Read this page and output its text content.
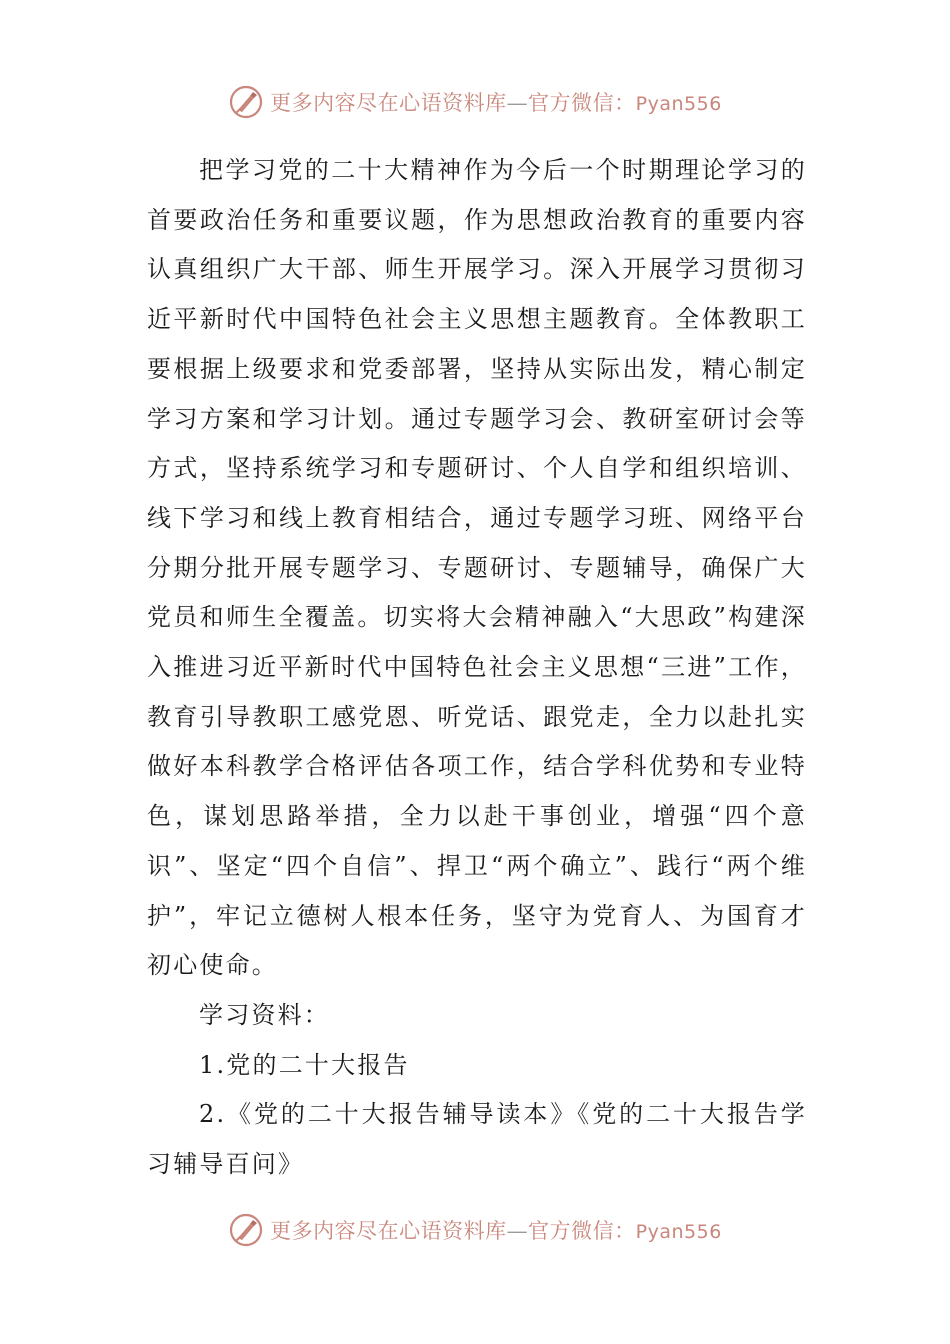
更多内容尽在心语资料库—官方微信：Pyan556

把学习党的二十大精神作为今后一个时期理论学习的首要政治任务和重要议题，作为思想政治教育的重要内容认真组织广大干部、师生开展学习。深入开展学习贯彻习近平新时代中国特色社会主义思想主题教育。全体教职工要根据上级要求和党委部署，坚持从实际出发，精心制定学习方案和学习计划。通过专题学习会、教研室研讨会等方式，坚持系统学习和专题研讨、个人自学和组织培训、线下学习和线上教育相结合，通过专题学习班、网络平台分期分批开展专题学习、专题研讨、专题辅导，确保广大党员和师生全覆盖。切实将大会精神融入“大思政”构建深入推进习近平新时代中国特色社会主义思想“三进”工作，教育引导教职工感党恩、听党话、跟党走，全力以赴扎实做好本科教学合格评估各项工作，结合学科优势和专业特色，谋划思路举措，全力以赴干事创业，增强“四个意识”、坚定“四个自信”、捍卫“两个确立”、践行“两个维护”，牢记立德树人根本任务，坚守为党育人、为国育才初心使命。

学习资料：

1.党的二十大报告

2.《党的二十大报告辅导读本》《党的二十大报告学习辅导百问》

更多内容尽在心语资料库—官方微信：Pyan556
